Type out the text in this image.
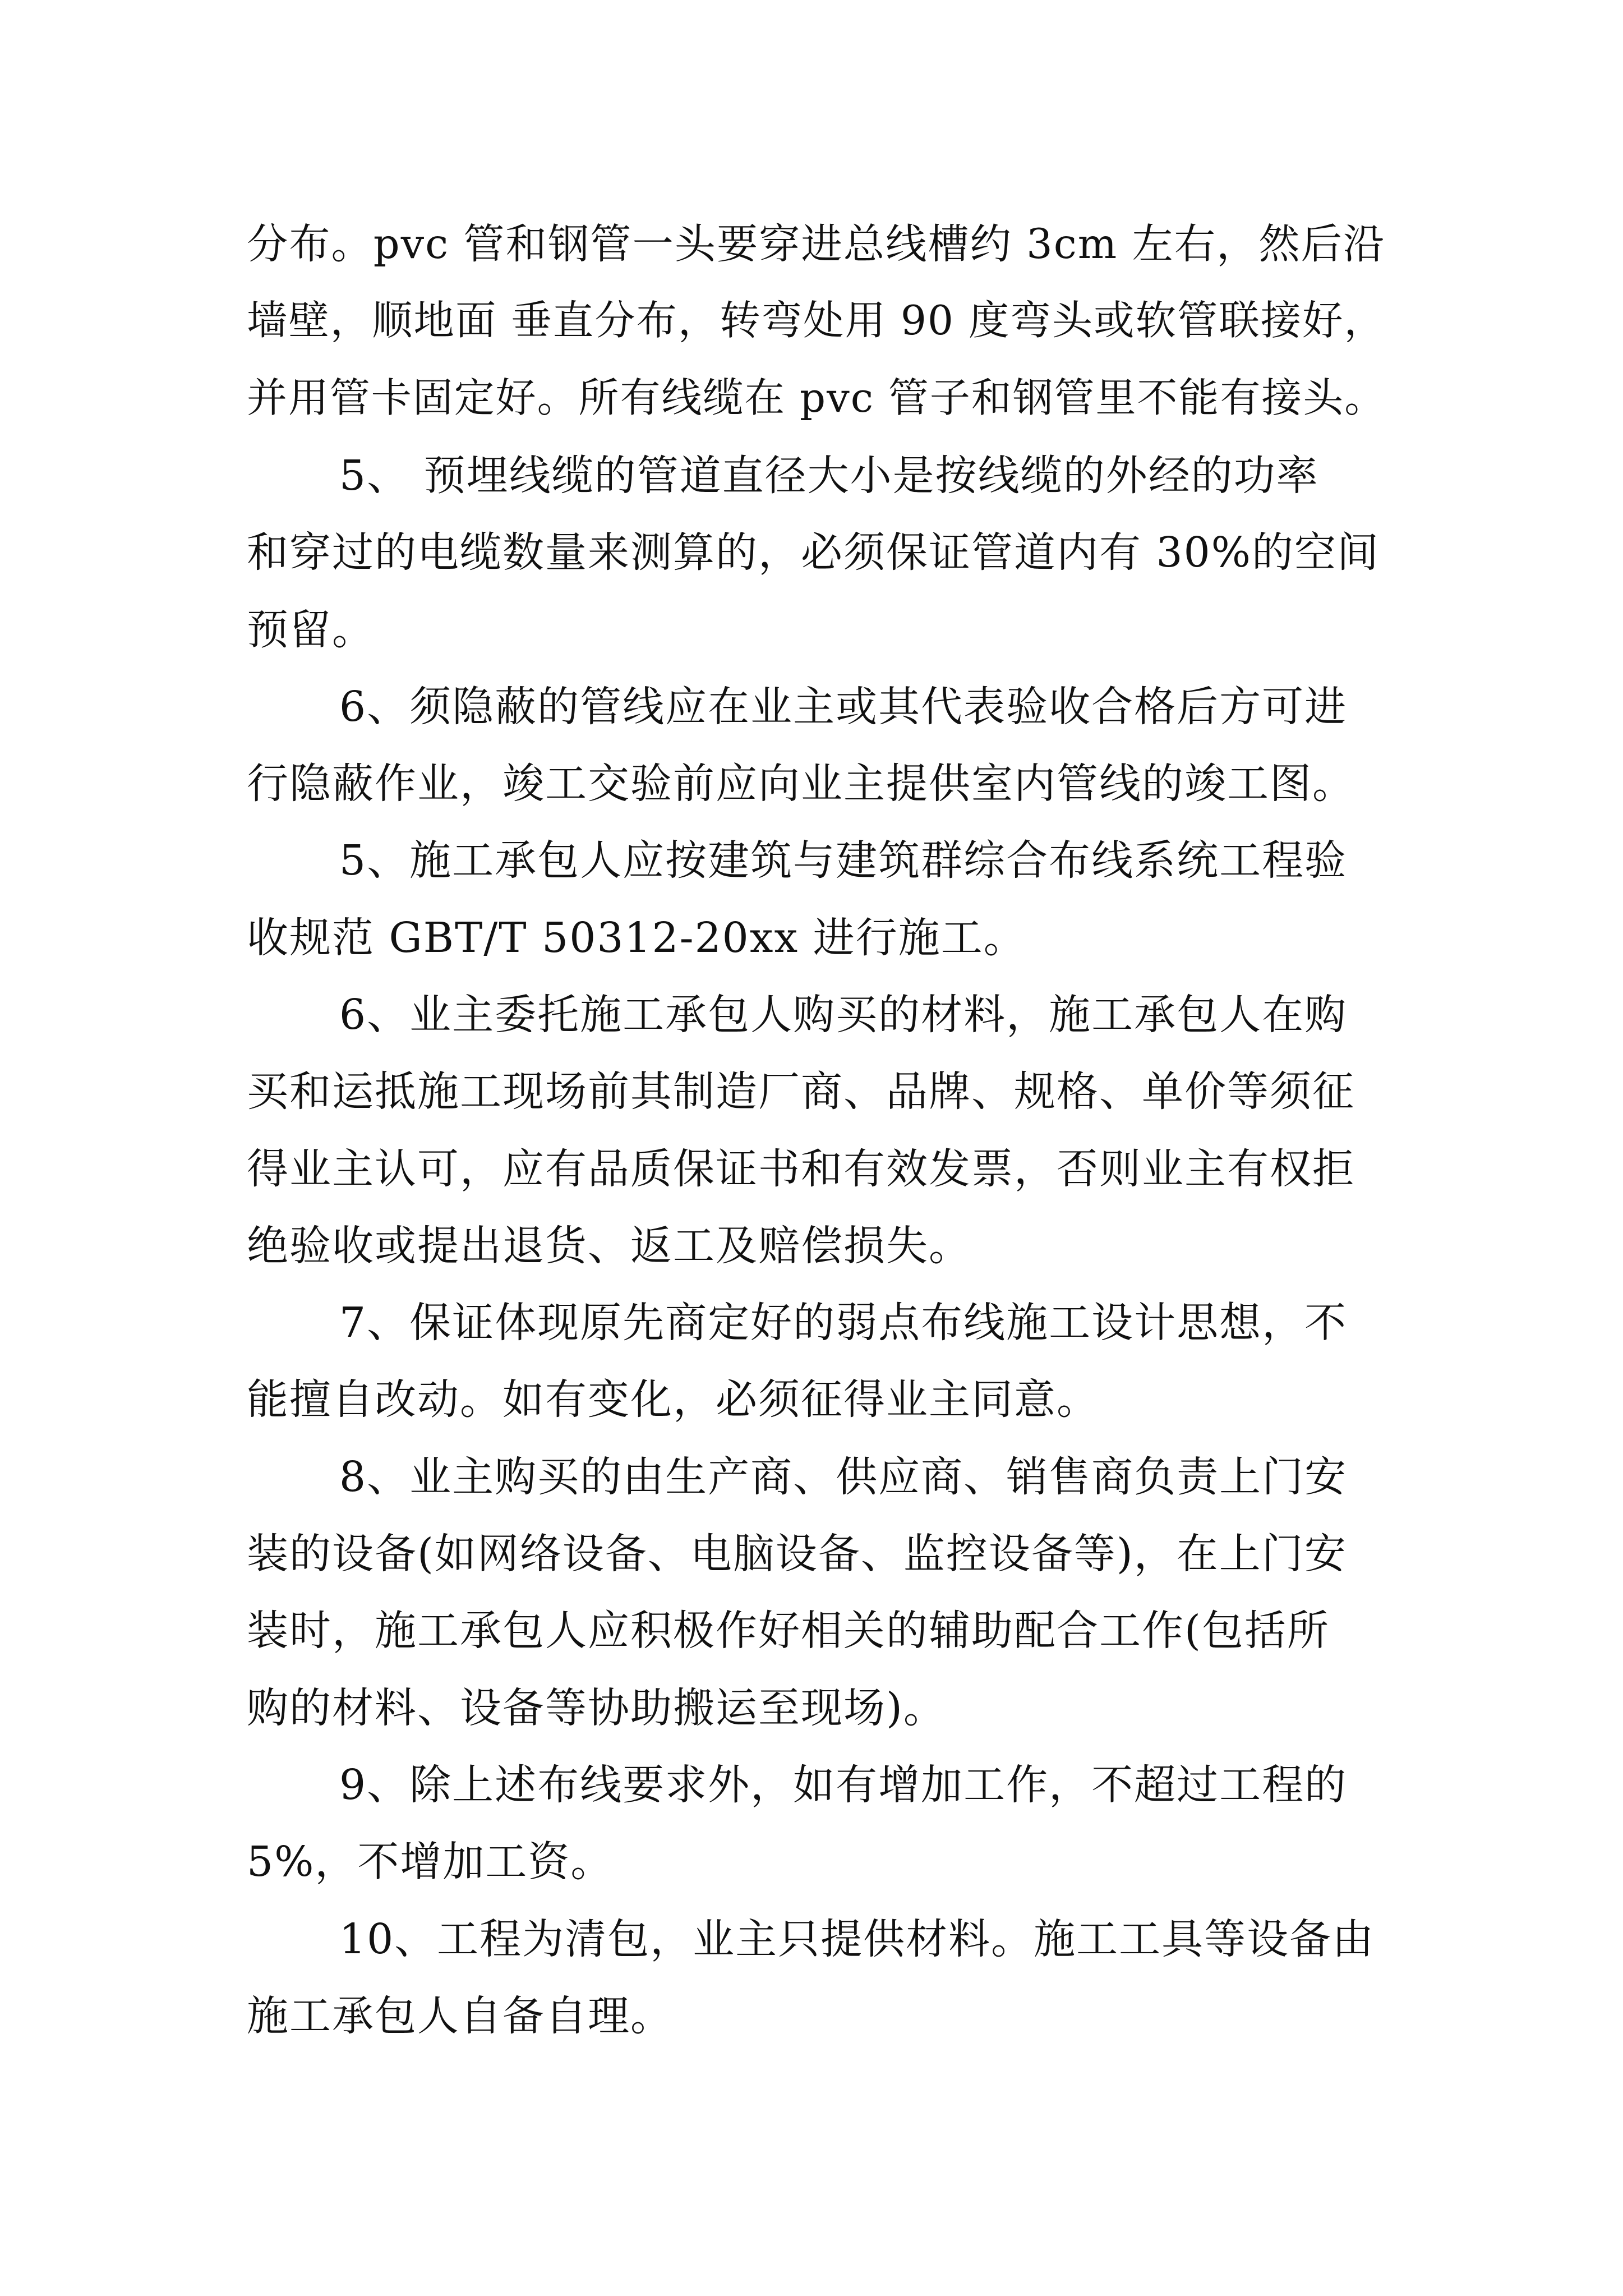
分布。pvc 管和钢管一头要穿进总线槽约 3cm 左右，然后沿

墙壁，顺地面 垂直分布，转弯处用 90 度弯头或软管联接好，

并用管卡固定好。所有线缆在 pvc 管子和钢管里不能有接头。

5、 预埋线缆的管道直径大小是按线缆的外经的功率

和穿过的电缆数量来测算的，必须保证管道内有 30%的空间

预留。

6、须隐蔽的管线应在业主或其代表验收合格后方可进

行隐蔽作业，竣工交验前应向业主提供室内管线的竣工图。

5、施工承包人应按建筑与建筑群综合布线系统工程验

收规范 GBT/T 50312-20xx 进行施工。

6、业主委托施工承包人购买的材料，施工承包人在购

买和运抵施工现场前其制造厂商、品牌、规格、单价等须征

得业主认可，应有品质保证书和有效发票，否则业主有权拒

绝验收或提出退货、返工及赔偿损失。

7、保证体现原先商定好的弱点布线施工设计思想，不

能擅自改动。如有变化，必须征得业主同意。

8、业主购买的由生产商、供应商、销售商负责上门安

装的设备(如网络设备、电脑设备、监控设备等)，在上门安

装时，施工承包人应积极作好相关的辅助配合工作(包括所

购的材料、设备等协助搬运至现场)。

9、除上述布线要求外，如有增加工作，不超过工程的

5%，不增加工资。

10、工程为清包，业主只提供材料。施工工具等设备由

施工承包人自备自理。
